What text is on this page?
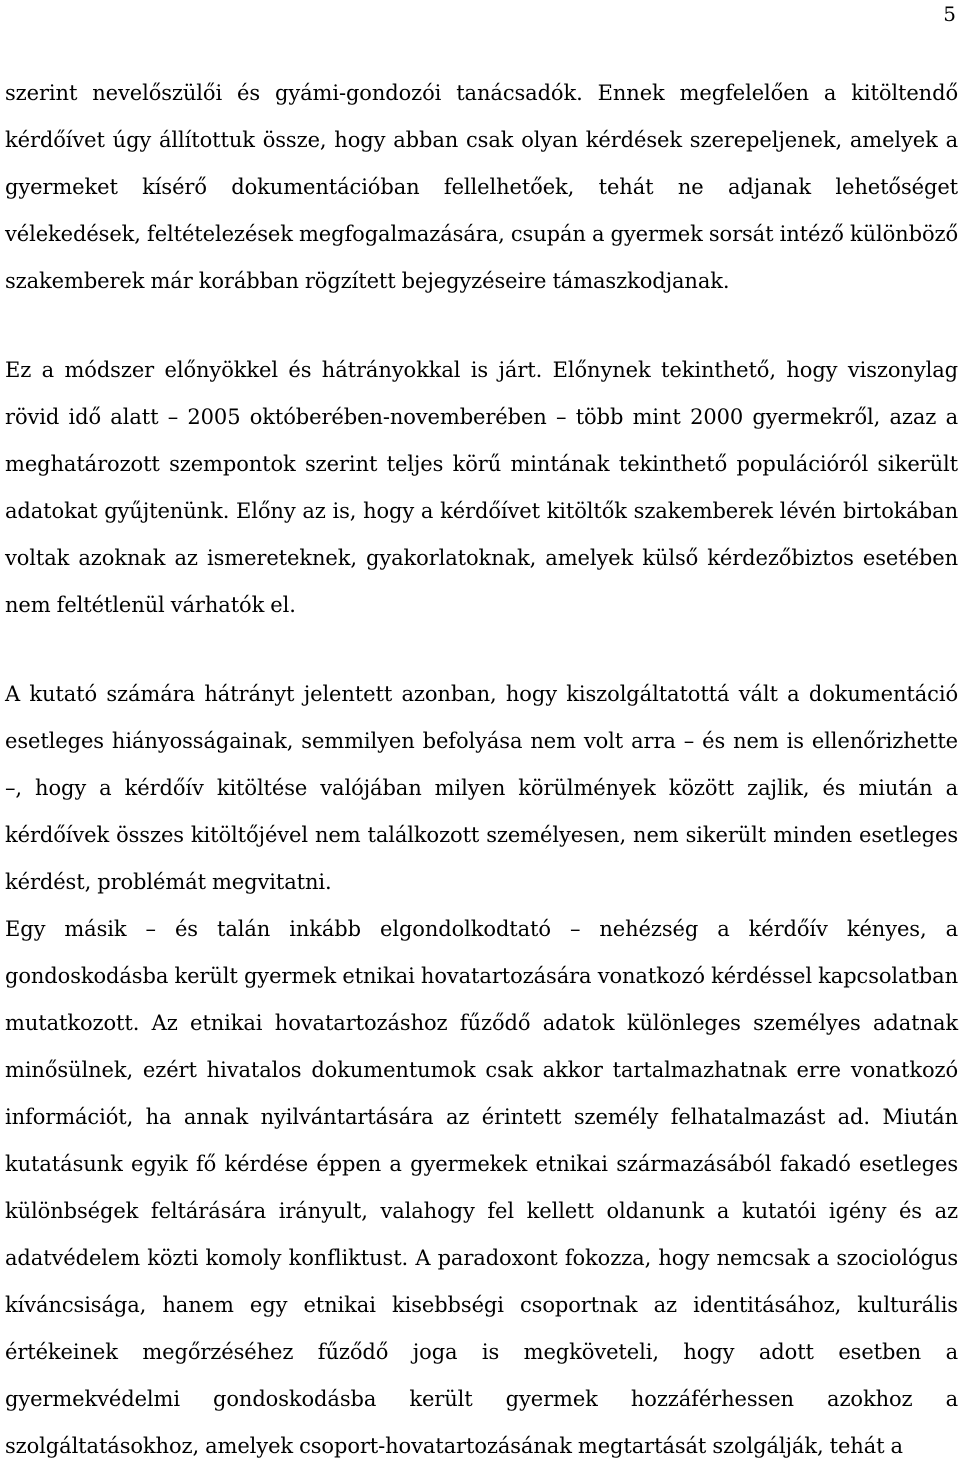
5

szerint nevelőszülői és gyámi-gondozói tanácsadók. Ennek megfelelően a kitöltendő kérdőívet úgy állítottuk össze, hogy abban csak olyan kérdések szerepeljenek, amelyek a gyermeket kísérő dokumentációban fellelhetőek, tehát ne adjanak lehetőséget vélekedések, feltételezések megfogalmazására, csupán a gyermek sorsát intéző különböző szakemberek már korábban rögzített bejegyzéseire támaszkodjanak.

Ez a módszer előnyökkel és hátrányokkal is járt. Előnynek tekinthető, hogy viszonylag rövid idő alatt – 2005 októberében-novemberében – több mint 2000 gyermekről, azaz a meghatározott szempontok szerint teljes körű mintának tekinthető populációról sikerült adatokat gyűjtenünk. Előny az is, hogy a kérdőívet kitöltők szakemberek lévén birtokában voltak azoknak az ismereteknek, gyakorlatoknak, amelyek külső kérdezőbiztos esetében nem feltétlenül várhatók el.

A kutató számára hátrányt jelentett azonban, hogy kiszolgáltatottá vált a dokumentáció esetleges hiányosságainak, semmilyen befolyása nem volt arra – és nem is ellenőrizhette –, hogy a kérdőív kitöltése valójában milyen körülmények között zajlik, és miután a kérdőívek összes kitöltőjével nem találkozott személyesen, nem sikerült minden esetleges kérdést, problémát megvitatni.

Egy másik – és talán inkább elgondolkodtató – nehézség a kérdőív kényes, a gondoskodásba került gyermek etnikai hovatartozására vonatkozó kérdéssel kapcsolatban mutatkozott. Az etnikai hovatartozáshoz fűződő adatok különleges személyes adatnak minősülnek, ezért hivatalos dokumentumok csak akkor tartalmazhatnak erre vonatkozó információt, ha annak nyilvántartására az érintett személy felhatalmazást ad. Miután kutatásunk egyik fő kérdése éppen a gyermekek etnikai származásából fakadó esetleges különbségek feltárására irányult, valahogy fel kellett oldanunk a kutatói igény és az adatvédelem közti komoly konfliktust. A paradoxont fokozza, hogy nemcsak a szociológus kíváncsisága, hanem egy etnikai kisebbségi csoportnak az identitásához, kulturális értékeinek megőrzéséhez fűződő joga is megköveteli, hogy adott esetben a gyermekvédelmi gondoskodásba került gyermek hozzáférhessen azokhoz a szolgáltatásokhoz, amelyek csoport-hovatartozásának megtartását szolgálják, tehát a
